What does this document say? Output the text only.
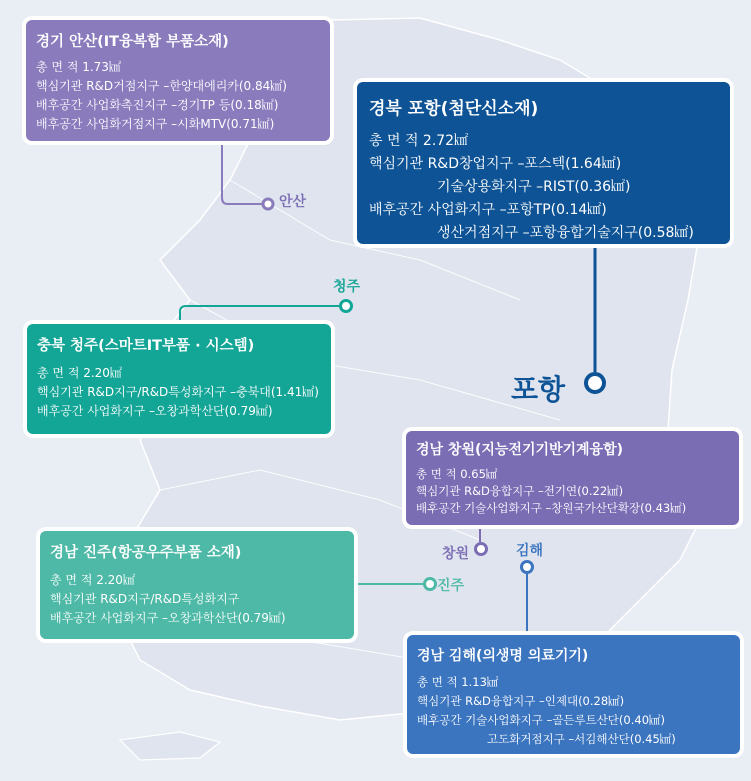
경기 안산(IT융복합 부품소재)
총 면 적 1.73㎢
핵심기관 R&D거점지구 –한양대에리카(0.84㎢)
배후공간 사업화촉진지구 –경기TP 등(0.18㎢)
배후공간 사업화거점지구 –시화MTV(0.71㎢)
경북 포항(첨단신소재)
총 면 적 2.72㎢
핵심기관 R&D창업지구 –포스텍(1.64㎢)
기술상용화지구 –RIST(0.36㎢)
배후공간 사업화지구 –포항TP(0.14㎢)
생산거점지구 –포항융합기술지구(0.58㎢)
충북 청주(스마트IT부품 · 시스템)
총 면 적 2.20㎢
핵심기관 R&D지구/R&D특성화지구 –충북대(1.41㎢)
배후공간 사업화지구 –오창과학산단(0.79㎢)
경남 창원(지능전기기반기계융합)
총 면 적 0.65㎢
핵심기관 R&D융합지구 –전기연(0.22㎢)
배후공간 기술사업화지구 –창원국가산단확장(0.43㎢)
경남 진주(항공우주부품 소재)
총 면 적 2.20㎢
핵심기관 R&D지구/R&D특성화지구
배후공간 사업화지구 –오창과학산단(0.79㎢)
경남 김해(의생명 의료기기)
총 면 적 1.13㎢
핵심기관 R&D융합지구 –인제대(0.28㎢)
배후공간 기술사업화지구 –골든루트산단(0.40㎢)
고도화거점지구 –서김해산단(0.45㎢)
안산
청주
포항
창원	김해
진주
